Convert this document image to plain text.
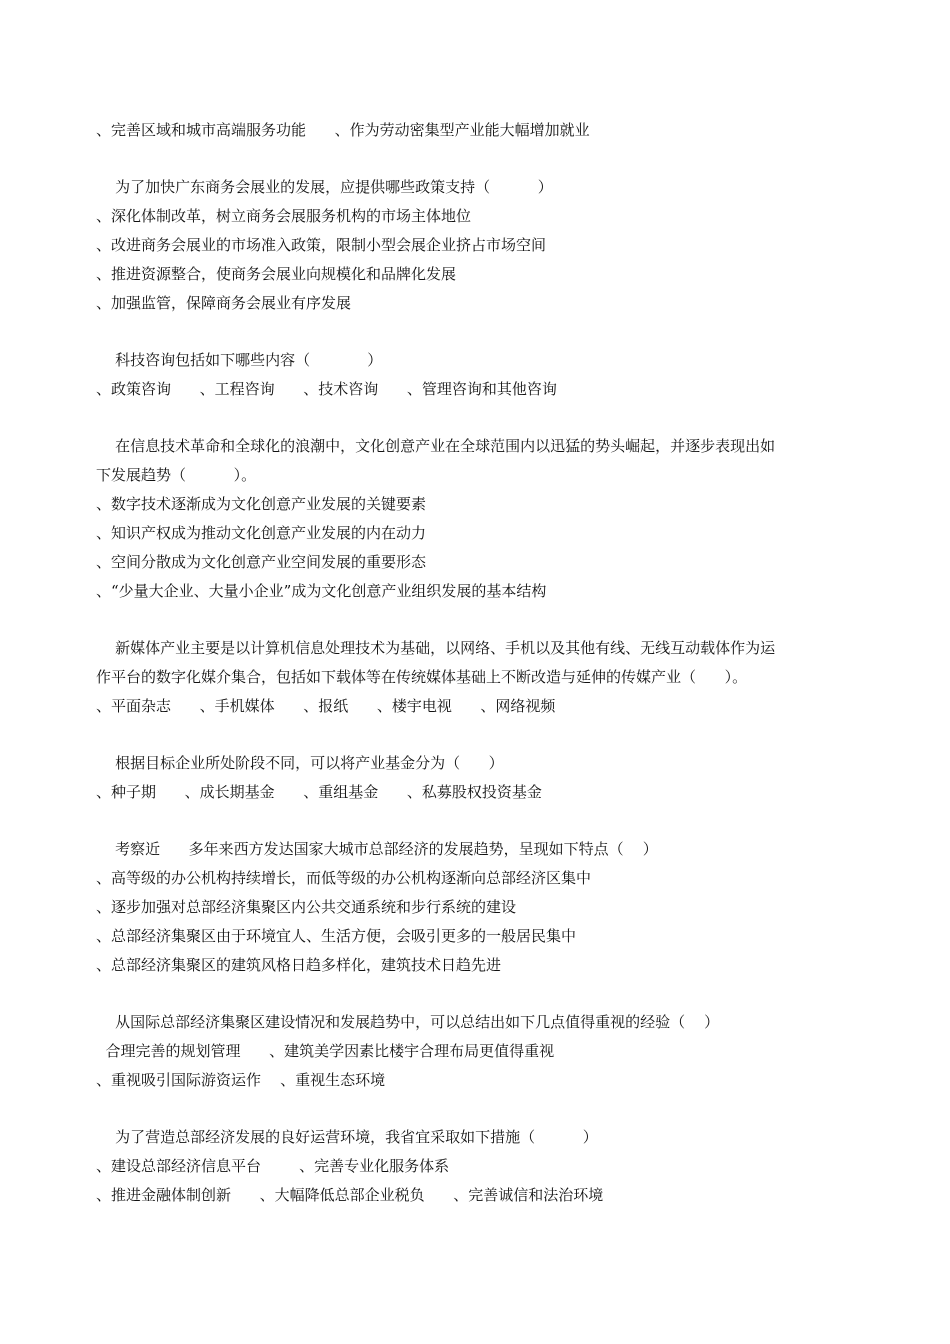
、完善区域和城市高端服务功能      、作为劳动密集型产业能大幅增加就业
为了加快广东商务会展业的发展，应提供哪些政策支持（          ）
、深化体制改革，树立商务会展服务机构的市场主体地位
、改进商务会展业的市场准入政策，限制小型会展企业挤占市场空间
、推进资源整合，使商务会展业向规模化和品牌化发展
、加强监管，保障商务会展业有序发展
科技咨询包括如下哪些内容（            ）
、政策咨询      、工程咨询      、技术咨询      、管理咨询和其他咨询
在信息技术革命和全球化的浪潮中，文化创意产业在全球范围内以迅猛的势头崛起，并逐步表现出如
下发展趋势（          ）。
、数字技术逐渐成为文化创意产业发展的关键要素
、知识产权成为推动文化创意产业发展的内在动力
、空间分散成为文化创意产业空间发展的重要形态
、“少量大企业、大量小企业”成为文化创意产业组织发展的基本结构
新媒体产业主要是以计算机信息处理技术为基础，以网络、手机以及其他有线、无线互动载体作为运
作平台的数字化媒介集合，包括如下载体等在传统媒体基础上不断改造与延伸的传媒产业（      ）。
、平面杂志      、手机媒体      、报纸      、楼宇电视      、网络视频
根据目标企业所处阶段不同，可以将产业基金分为（      ）
、种子期      、成长期基金      、重组基金      、私募股权投资基金
考察近      多年来西方发达国家大城市总部经济的发展趋势，呈现如下特点（    ）
、高等级的办公机构持续增长，而低等级的办公机构逐渐向总部经济区集中
、逐步加强对总部经济集聚区内公共交通系统和步行系统的建设
、总部经济集聚区由于环境宜人、生活方便，会吸引更多的一般居民集中
、总部经济集聚区的建筑风格日趋多样化，建筑技术日趋先进
从国际总部经济集聚区建设情况和发展趋势中，可以总结出如下几点值得重视的经验（    ）
合理完善的规划管理      、建筑美学因素比楼宇合理布局更值得重视
、重视吸引国际游资运作    、重视生态环境
为了营造总部经济发展的良好运营环境，我省宜采取如下措施（          ）
、建设总部经济信息平台        、完善专业化服务体系
、推进金融体制创新      、大幅降低总部企业税负      、完善诚信和法治环境
